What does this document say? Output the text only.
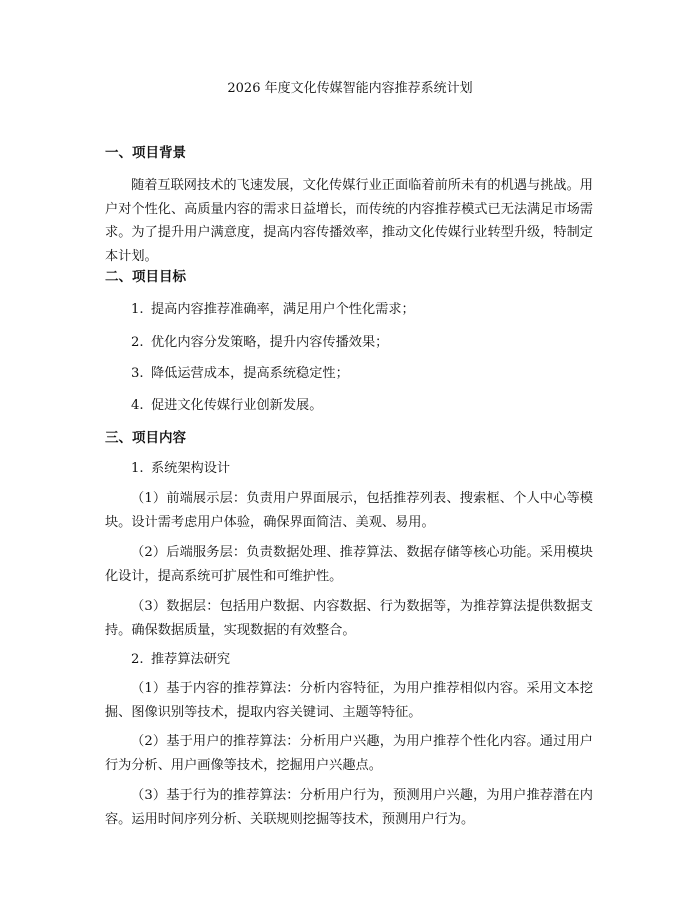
2026 年度文化传媒智能内容推荐系统计划
一、项目背景

随着互联网技术的飞速发展，文化传媒行业正面临着前所未有的机遇与挑战。用户对个性化、高质量内容的需求日益增长，而传统的内容推荐模式已无法满足市场需求。为了提升用户满意度，提高内容传播效率，推动文化传媒行业转型升级，特制定本计划。

二、项目目标
1. 提高内容推荐准确率，满足用户个性化需求；
2. 优化内容分发策略，提升内容传播效果；
3. 降低运营成本，提高系统稳定性；
4. 促进文化传媒行业创新发展。
三、项目内容
1. 系统架构设计

（1）前端展示层：负责用户界面展示，包括推荐列表、搜索框、个人中心等模块。设计需考虑用户体验，确保界面简洁、美观、易用。

（2）后端服务层：负责数据处理、推荐算法、数据存储等核心功能。采用模块化设计，提高系统可扩展性和可维护性。

（3）数据层：包括用户数据、内容数据、行为数据等，为推荐算法提供数据支持。确保数据质量，实现数据的有效整合。

2. 推荐算法研究

（1）基于内容的推荐算法：分析内容特征，为用户推荐相似内容。采用文本挖掘、图像识别等技术，提取内容关键词、主题等特征。

（2）基于用户的推荐算法：分析用户兴趣，为用户推荐个性化内容。通过用户行为分析、用户画像等技术，挖掘用户兴趣点。

（3）基于行为的推荐算法：分析用户行为，预测用户兴趣，为用户推荐潜在内容。运用时间序列分析、关联规则挖掘等技术，预测用户行为。
